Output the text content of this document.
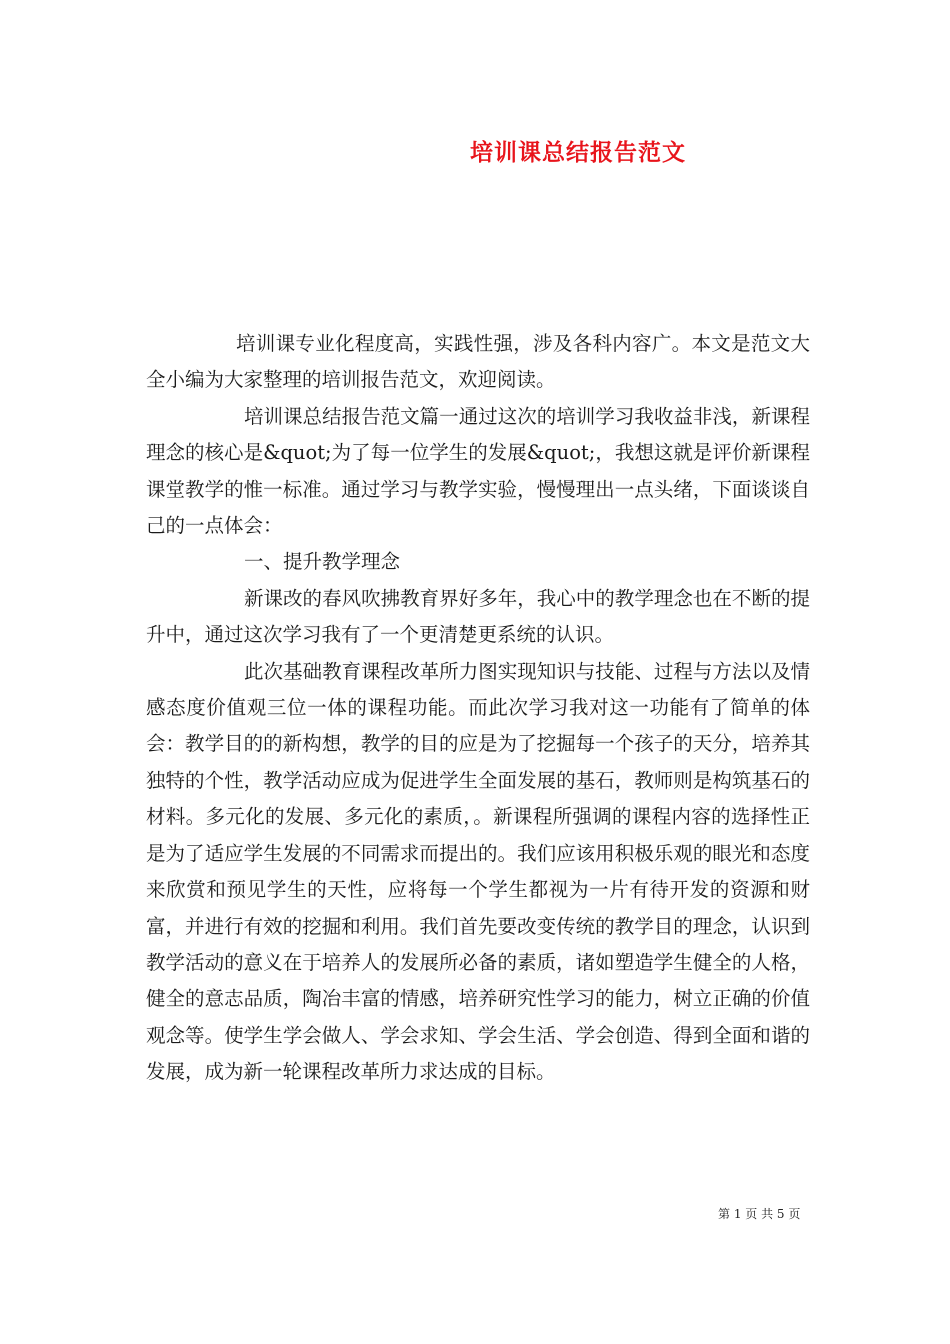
培训课总结报告范文

培训课专业化程度高，实践性强，涉及各科内容广。本文是范文大全小编为大家整理的培训报告范文，欢迎阅读。

培训课总结报告范文篇一通过这次的培训学习我收益非浅，新课程理念的核心是&quot;为了每一位学生的发展&quot;，我想这就是评价新课程课堂教学的惟一标准。通过学习与教学实验，慢慢理出一点头绪，下面谈谈自己的一点体会：

一、提升教学理念

新课改的春风吹拂教育界好多年，我心中的教学理念也在不断的提升中，通过这次学习我有了一个更清楚更系统的认识。

此次基础教育课程改革所力图实现知识与技能、过程与方法以及情感态度价值观三位一体的课程功能。而此次学习我对这一功能有了简单的体会：教学目的的新构想，教学的目的应是为了挖掘每一个孩子的天分，培养其独特的个性，教学活动应成为促进学生全面发展的基石，教师则是构筑基石的材料。多元化的发展、多元化的素质，。新课程所强调的课程内容的选择性正是为了适应学生发展的不同需求而提出的。我们应该用积极乐观的眼光和态度来欣赏和预见学生的天性，应将每一个学生都视为一片有待开发的资源和财富，并进行有效的挖掘和利用。我们首先要改变传统的教学目的理念，认识到教学活动的意义在于培养人的发展所必备的素质，诸如塑造学生健全的人格，健全的意志品质，陶冶丰富的情感，培养研究性学习的能力，树立正确的价值观念等。使学生学会做人、学会求知、学会生活、学会创造、得到全面和谐的发展，成为新一轮课程改革所力求达成的目标。

第 1 页 共 5 页
